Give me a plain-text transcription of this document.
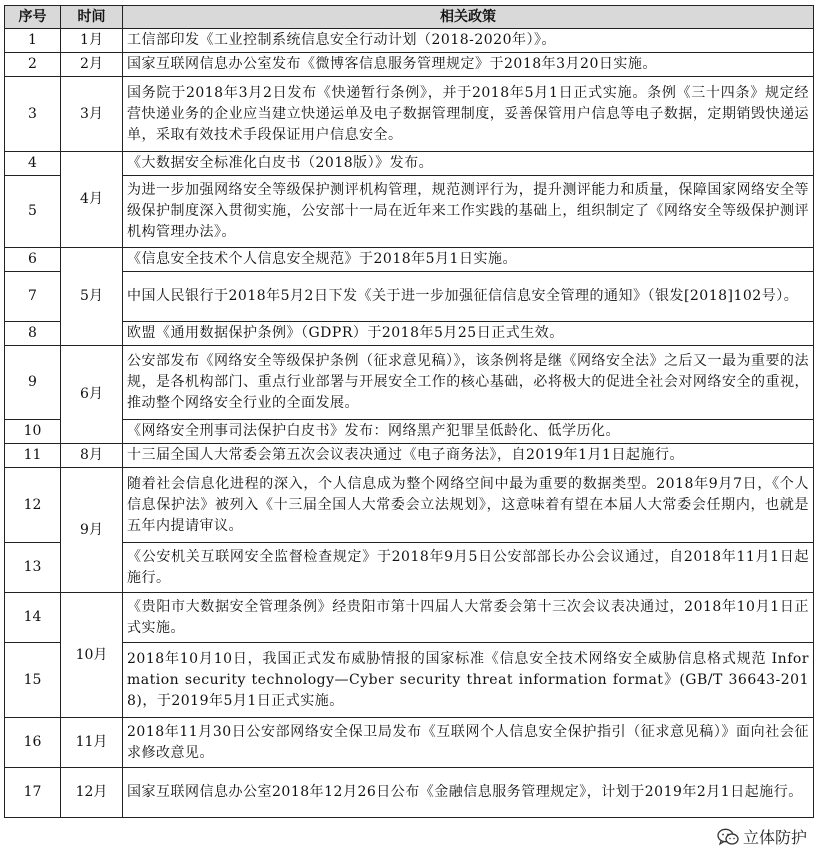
序号	时间	相关政策
1	1月	工信部印发《工业控制系统信息安全行动计划（2018-2020年）》。
2	2月	国家互联网信息办公室发布《微博客信息服务管理规定》于2018年3月20日实施。
3	3月	国务院于2018年3月2日发布《快递暂行条例》，并于2018年5月1日正式实施。条例《三十四条》规定经营快递业务的企业应当建立快递运单及电子数据管理制度，妥善保管用户信息等电子数据，定期销毁快递运单，采取有效技术手段保证用户信息安全。
4	4月	《大数据安全标准化白皮书（2018版）》发布。
5		为进一步加强网络安全等级保护测评机构管理，规范测评行为，提升测评能力和质量，保障国家网络安全等级保护制度深入贯彻实施，公安部十一局在近年来工作实践的基础上，组织制定了《网络安全等级保护测评机构管理办法》。
6	5月	《信息安全技术个人信息安全规范》于2018年5月1日实施。
7		中国人民银行于2018年5月2日下发《关于进一步加强征信信息安全管理的通知》（银发[2018]102号）。
8		欧盟《通用数据保护条例》（GDPR）于2018年5月25日正式生效。
9	6月	公安部发布《网络安全等级保护条例（征求意见稿）》，该条例将是继《网络安全法》之后又一最为重要的法规，是各机构部门、重点行业部署与开展安全工作的核心基础，必将极大的促进全社会对网络安全的重视，推动整个网络安全行业的全面发展。
10		《网络安全刑事司法保护白皮书》发布：网络黑产犯罪呈低龄化、低学历化。
11	8月	十三届全国人大常委会第五次会议表决通过《电子商务法》，自2019年1月1日起施行。
12	9月	随着社会信息化进程的深入，个人信息成为整个网络空间中最为重要的数据类型。2018年9月7日，《个人信息保护法》被列入《十三届全国人大常委会立法规划》，这意味着有望在本届人大常委会任期内，也就是五年内提请审议。
13		《公安机关互联网安全监督检查规定》于2018年9月5日公安部部长办公会议通过，自2018年11月1日起施行。
14	10月	《贵阳市大数据安全管理条例》经贵阳市第十四届人大常委会第十三次会议表决通过，2018年10月1日正式实施。
15		2018年10月10日，我国正式发布威胁情报的国家标准《信息安全技术网络安全威胁信息格式规范 Information security technology—Cyber security threat information format》(GB/T 36643-2018)，于2019年5月1日正式实施。
16	11月	2018年11月30日公安部网络安全保卫局发布《互联网个人信息安全保护指引（征求意见稿）》面向社会征求修改意见。
17	12月	国家互联网信息办公室2018年12月26日公布《金融信息服务管理规定》，计划于2019年2月1日起施行。
立体防护
